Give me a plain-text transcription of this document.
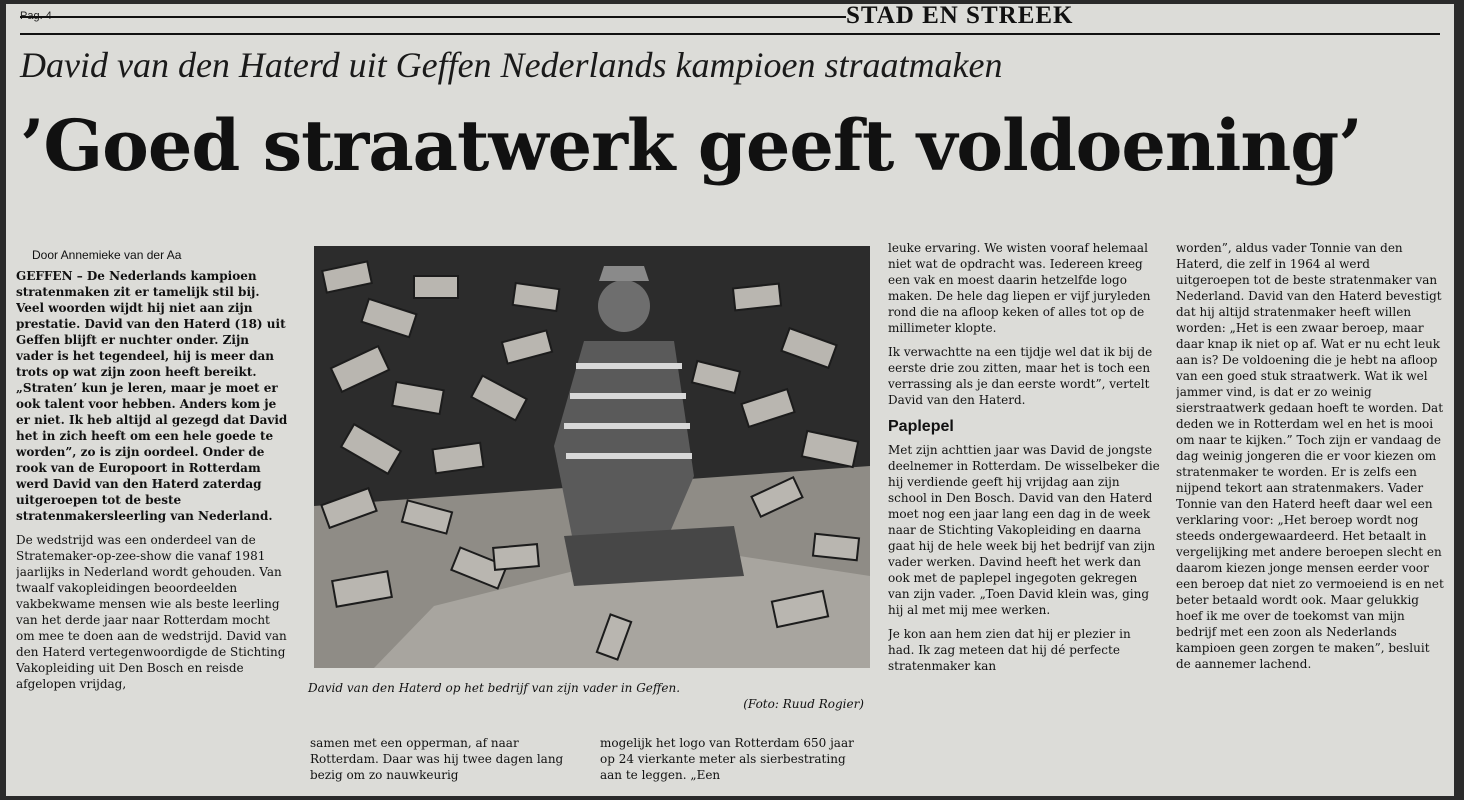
STAD EN STREEK
David van den Haterd uit Geffen Nederlands kampioen straatmaken
’Goed straatwerk geeft voldoening’
Door Annemieke van der Aa

GEFFEN – De Nederlands kampioen stratenmaken zit er tamelijk stil bij. Veel woorden wijdt hij niet aan zijn prestatie. David van den Haterd (18) uit Geffen blijft er nuchter onder. Zijn vader is het tegendeel, hij is meer dan trots op wat zijn zoon heeft bereikt. „Straten’ kun je leren, maar je moet er ook talent voor hebben. Anders kom je er niet. Ik heb altijd al gezegd dat David het in zich heeft om een hele goede te worden”, zo is zijn oordeel. Onder de rook van de Europoort in Rotterdam werd David van den Haterd zaterdag uitgeroepen tot de beste stratenmakersleerling van Nederland.

De wedstrijd was een onderdeel van de Stratemaker-op-zee-show die vanaf 1981 jaarlijks in Nederland wordt gehouden. Van twaalf vakopleidingen beoordeelden vakbekwame mensen wie als beste leerling van het derde jaar naar Rotterdam mocht om mee te doen aan de wedstrijd. David van den Haterd vertegenwoordigde de Stichting Vakopleiding uit Den Bosch en reisde afgelopen vrijdag,	David van den Haterd op het bedrijf van zijn vader in Geffen.
(Foto: Ruud Rogier)

samen met een opperman, af naar Rotterdam. Daar was hij twee dagen lang bezig om zo nauwkeurig

mogelijk het logo van Rotterdam 650 jaar op 24 vierkante meter als sierbestrating aan te leggen. „Een

leuke ervaring. We wisten vooraf helemaal niet wat de opdracht was. Iedereen kreeg een vak en moest daarin hetzelfde logo maken. De hele dag liepen er vijf juryleden rond die na afloop keken of alles tot op de millimeter klopte.

Ik verwachtte na een tijdje wel dat ik bij de eerste drie zou zitten, maar het is toch een verrassing als je dan eerste wordt”, vertelt David van den Haterd.

Paplepel

Met zijn achttien jaar was David de jongste deelnemer in Rotterdam. De wisselbeker die hij verdiende geeft hij vrijdag aan zijn school in Den Bosch. David van den Haterd moet nog een jaar lang een dag in de week naar de Stichting Vakopleiding en daarna gaat hij de hele week bij het bedrijf van zijn vader werken. Davind heeft het werk dan ook met de paplepel ingegoten gekregen van zijn vader. „Toen David klein was, ging hij al met mij mee werken.

Je kon aan hem zien dat hij er plezier in had. Ik zag meteen dat hij dé perfecte stratenmaker kan

worden”, aldus vader Tonnie van den Haterd, die zelf in 1964 al werd uitgeroepen tot de beste stratenmaker van Nederland. David van den Haterd bevestigt dat hij altijd stratenmaker heeft willen worden: „Het is een zwaar beroep, maar daar knap ik niet op af. Wat er nu echt leuk aan is? De voldoening die je hebt na afloop van een goed stuk straatwerk. Wat ik wel jammer vind, is dat er zo weinig sierstraatwerk gedaan hoeft te worden. Dat deden we in Rotterdam wel en het is mooi om naar te kijken.” Toch zijn er vandaag de dag weinig jongeren die er voor kiezen om stratenmaker te worden. Er is zelfs een nijpend tekort aan stratenmakers. Vader Tonnie van den Haterd heeft daar wel een verklaring voor: „Het beroep wordt nog steeds ondergewaardeerd. Het betaalt in vergelijking met andere beroepen slecht en daarom kiezen jonge mensen eerder voor een beroep dat niet zo vermoeiend is en net beter betaald wordt ook. Maar gelukkig hoef ik me over de toekomst van mijn bedrijf met een zoon als Nederlands kampioen geen zorgen te maken”, besluit de aannemer lachend.
